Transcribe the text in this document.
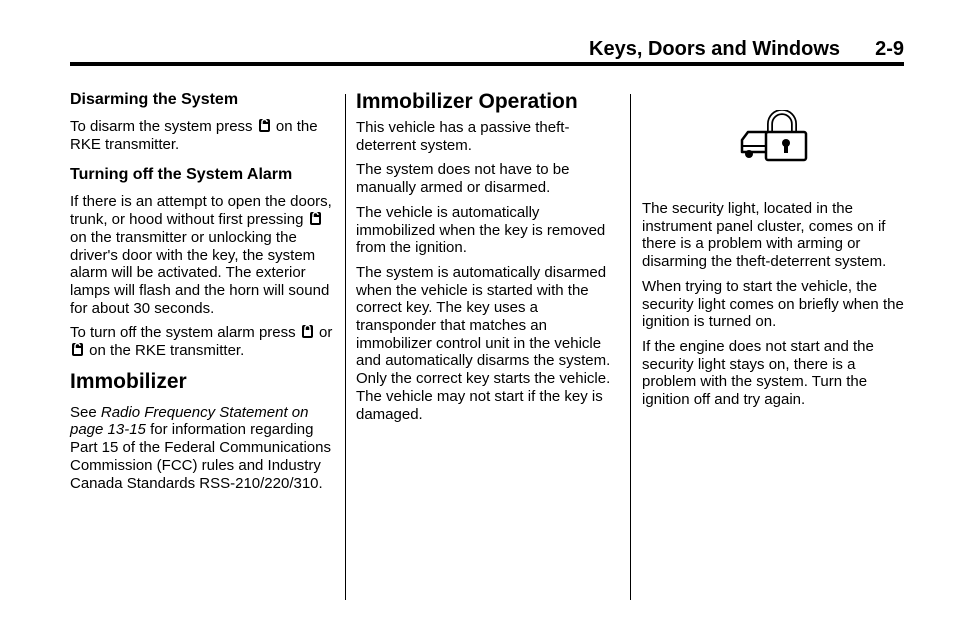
Keys, Doors and Windows 2-9
Disarming the System

To disarm the system press on the RKE transmitter.

Turning off the System Alarm

If there is an attempt to open the doors, trunk, or hood without first pressing  on the transmitter or unlocking the driver's door with the key, the system alarm will be activated. The exterior lamps will flash and the horn will sound for about 30 seconds.

To turn off the system alarm press or  on the RKE transmitter.

Immobilizer

See Radio Frequency Statement on page 13-15 for information regarding Part 15 of the Federal Communications Commission (FCC) rules and Industry Canada Standards RSS-210/220/310.

Immobilizer Operation

This vehicle has a passive theft-deterrent system.

The system does not have to be manually armed or disarmed.

The vehicle is automatically immobilized when the key is removed from the ignition.

The system is automatically disarmed when the vehicle is started with the correct key. The key uses a transponder that matches an immobilizer control unit in the vehicle and automatically disarms the system. Only the correct key starts the vehicle. The vehicle may not start if the key is damaged.

The security light, located in the instrument panel cluster, comes on if there is a problem with arming or disarming the theft-deterrent system.

When trying to start the vehicle, the security light comes on briefly when the ignition is turned on.

If the engine does not start and the security light stays on, there is a problem with the system. Turn the ignition off and try again.
